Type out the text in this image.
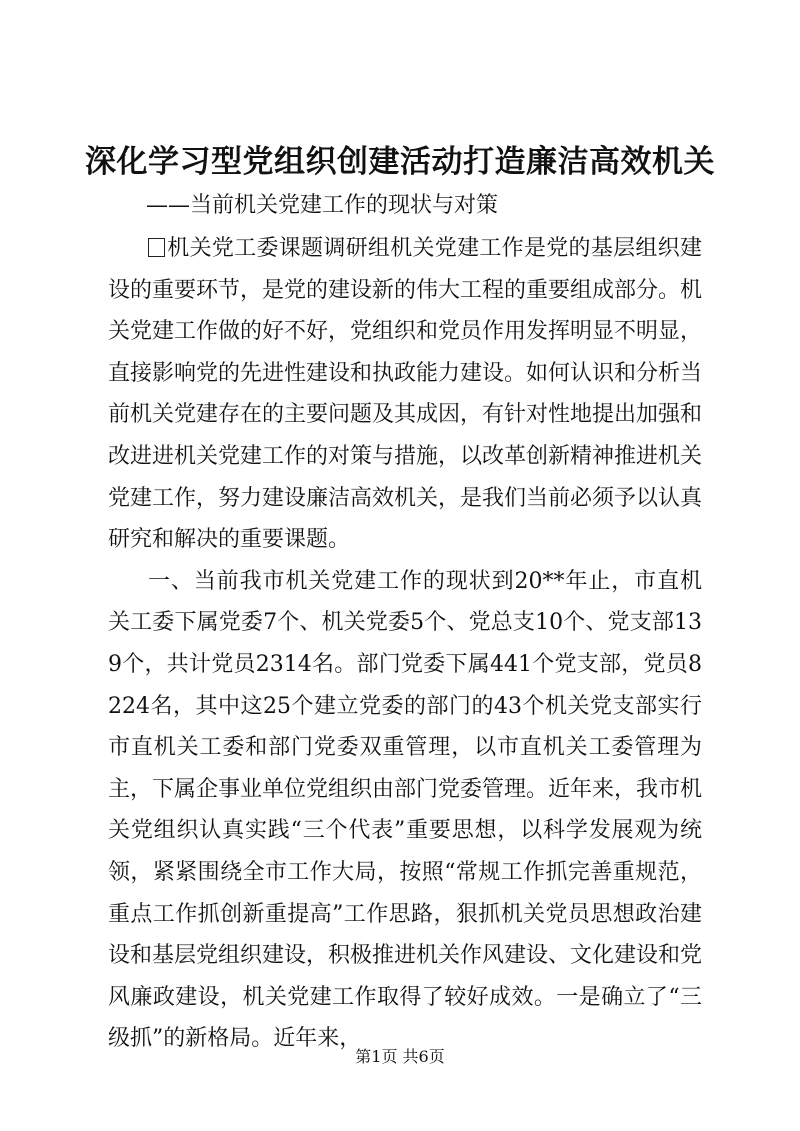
深化学习型党组织创建活动打造廉洁高效机关
——当前机关党建工作的现状与对策

机关党工委课题调研组机关党建工作是党的基层组织建设的重要环节，是党的建设新的伟大工程的重要组成部分。机关党建工作做的好不好，党组织和党员作用发挥明显不明显，直接影响党的先进性建设和执政能力建设。如何认识和分析当前机关党建存在的主要问题及其成因，有针对性地提出加强和改进进机关党建工作的对策与措施，以改革创新精神推进机关党建工作，努力建设廉洁高效机关，是我们当前必须予以认真研究和解决的重要课题。

一、当前我市机关党建工作的现状到20**年止，市直机关工委下属党委7个、机关党委5个、党总支10个、党支部139个，共计党员2314名。部门党委下属441个党支部，党员8224名，其中这25个建立党委的部门的43个机关党支部实行市直机关工委和部门党委双重管理，以市直机关工委管理为主，下属企事业单位党组织由部门党委管理。近年来，我市机关党组织认真实践“三个代表”重要思想，以科学发展观为统领，紧紧围绕全市工作大局，按照“常规工作抓完善重规范，重点工作抓创新重提高”工作思路，狠抓机关党员思想政治建设和基层党组织建设，积极推进机关作风建设、文化建设和党风廉政建设，机关党建工作取得了较好成效。一是确立了“三级抓”的新格局。近年来，

第1页 共6页
